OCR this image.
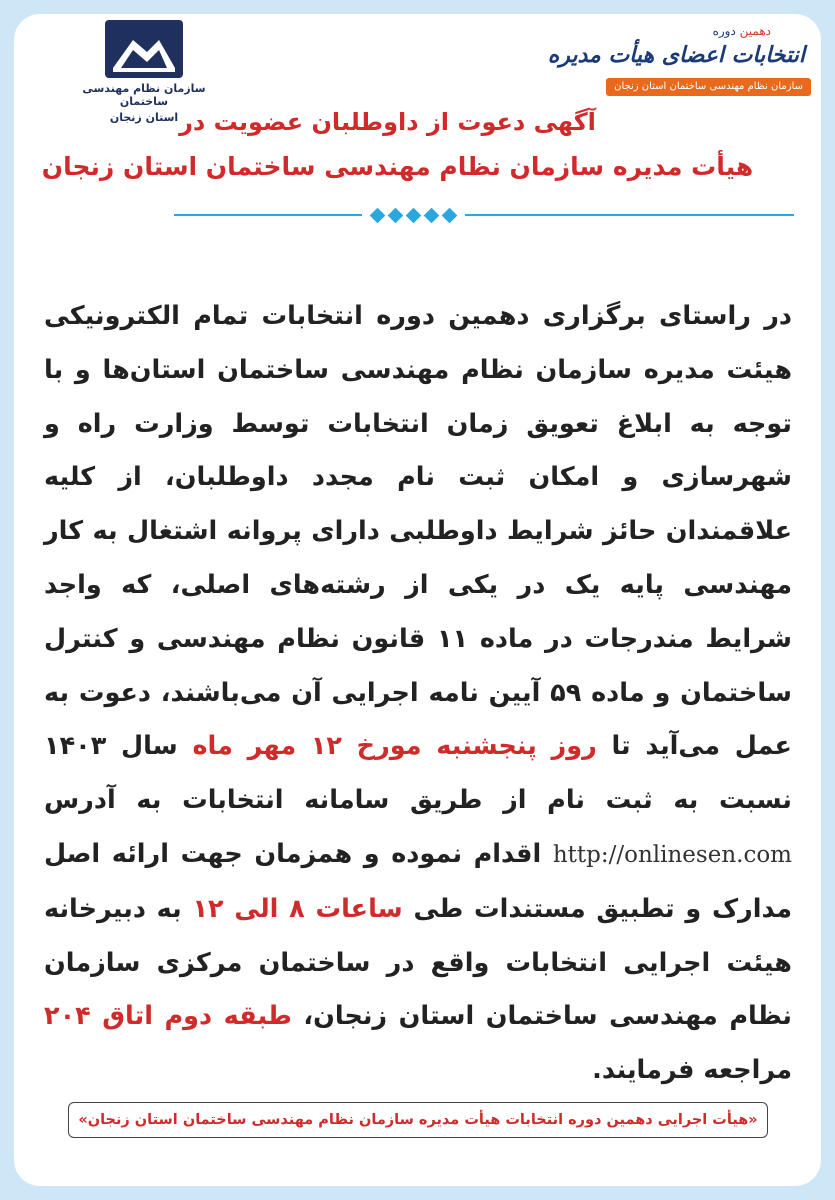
دهمین دوره
انتخابات اعضای هیأت مدیره
سازمان نظام مهندسی ساختمان استان زنجان
سازمان نظام مهندسی ساختمان
استان زنجان آگهی دعوت از داوطلبان عضویت در
هیأت مدیره سازمان نظام مهندسی ساختمان استان زنجان
در راستای برگزاری دهمین دوره انتخابات تمام الکترونیکی هیئت مدیره سازمان نظام مهندسی ساختمان استان‌ها و با توجه به ابلاغ تعویق زمان انتخابات توسط وزارت راه و شهرسازی و امکان ثبت نام مجدد داوطلبان، از کلیه علاقمندان حائز شرایط داوطلبی دارای پروانه اشتغال به کار مهندسی پایه یک در یکی از رشته‌های اصلی، که واجد شرایط مندرجات در ماده ۱۱ قانون نظام مهندسی و کنترل ساختمان و ماده ۵۹ آیین نامه اجرایی آن می‌باشند، دعوت به عمل می‌آید تا روز پنجشنبه مورخ ۱۲ مهر ماه سال ۱۴۰۳ نسبت به ثبت نام از طریق سامانه انتخابات به آدرس http://onlinesen.com اقدام نموده و همزمان جهت ارائه اصل مدارک و تطبیق مستندات طی ساعات ۸ الی ۱۲ به دبیرخانه هیئت اجرایی انتخابات واقع در ساختمان مرکزی سازمان نظام مهندسی ساختمان استان زنجان، طبقه دوم اتاق ۲۰۴ مراجعه فرمایند.
«هیأت اجرایی دهمین دوره انتخابات هیأت مدیره سازمان نظام مهندسی ساختمان استان زنجان»
